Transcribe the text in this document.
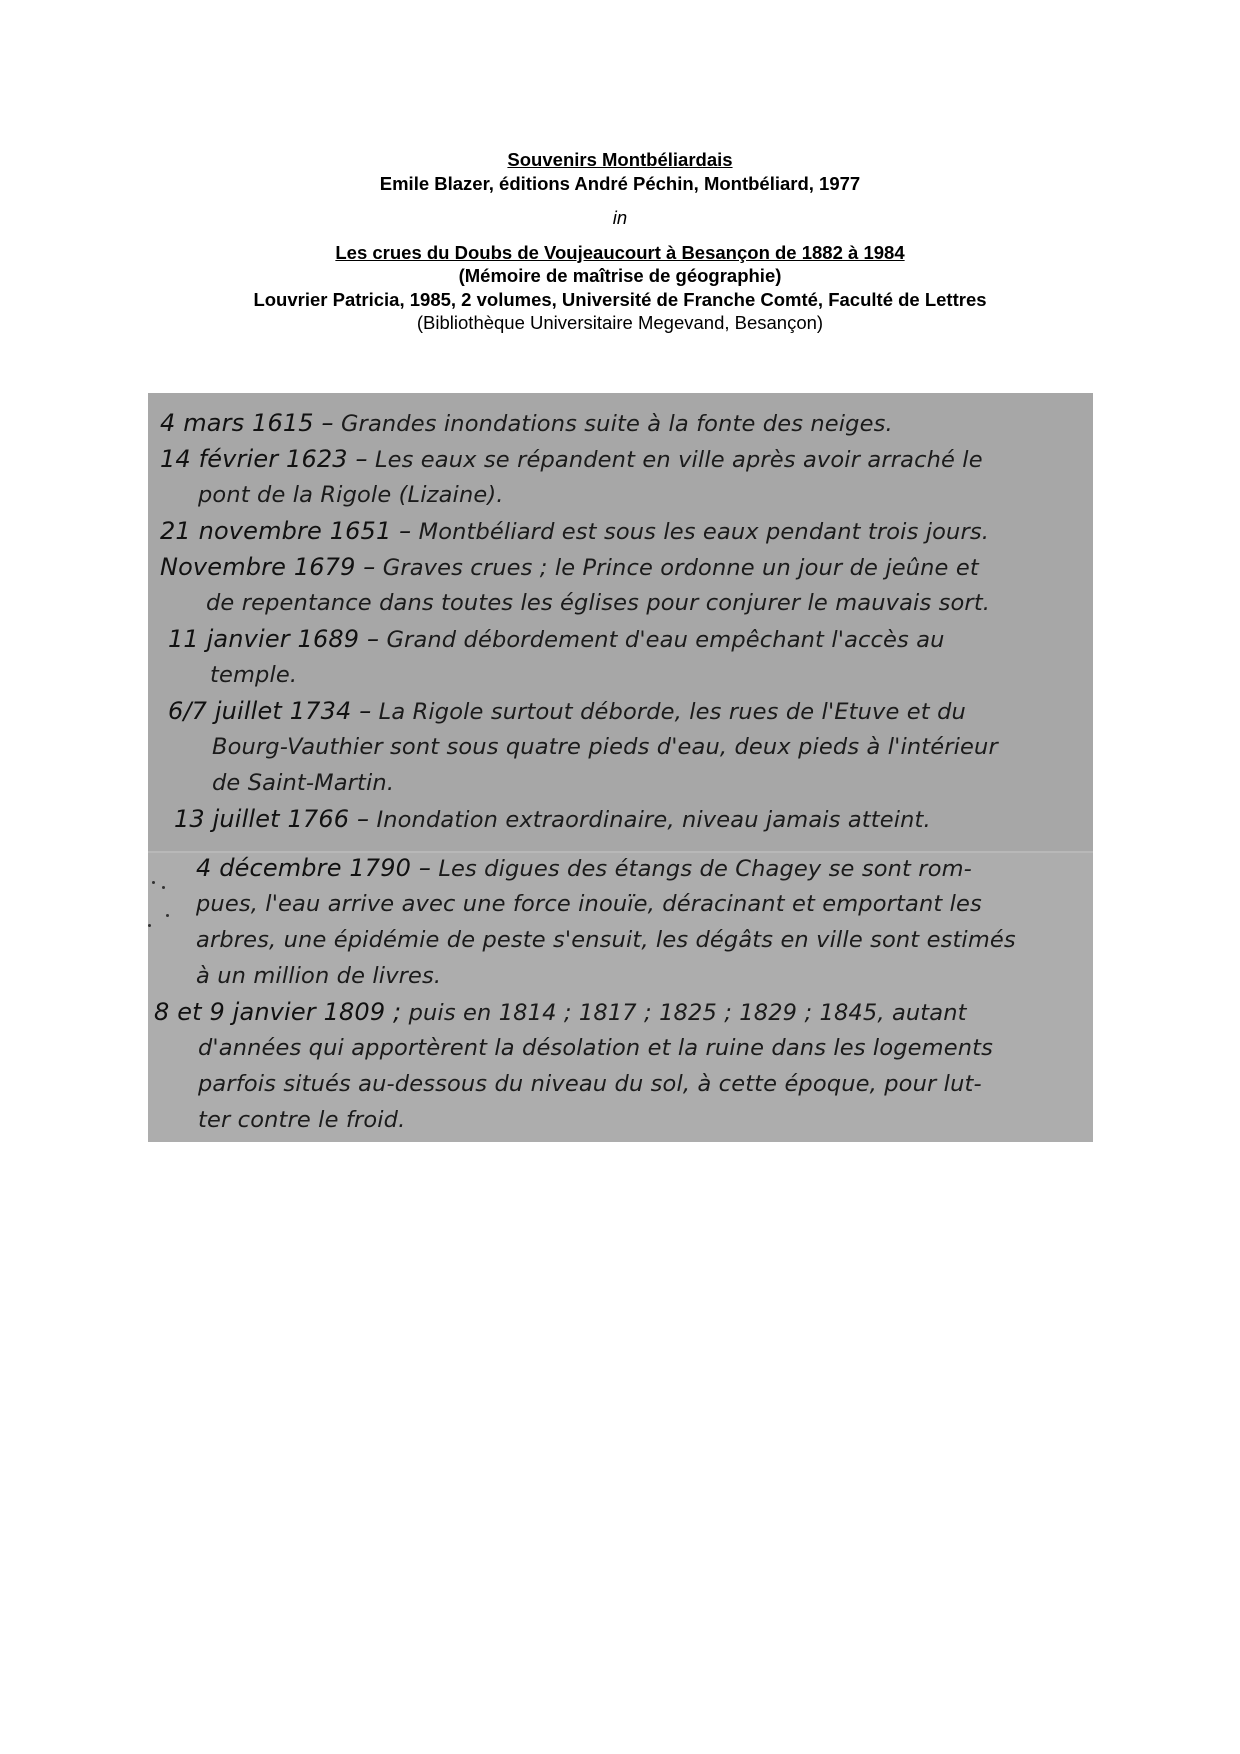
Souvenirs Montbéliardais
Emile Blazer, éditions André Péchin, Montbéliard, 1977
in
Les crues du Doubs de Voujeaucourt à Besançon de 1882 à 1984
(Mémoire de maîtrise de géographie)
Louvrier Patricia, 1985, 2 volumes, Université de Franche Comté, Faculté de Lettres
(Bibliothèque Universitaire Megevand, Besançon)
4 mars 1615 – Grandes inondations suite à la fonte des neiges.
14 février 1623 – Les eaux se répandent en ville après avoir arraché le
pont de la Rigole (Lizaine).
21 novembre 1651 – Montbéliard est sous les eaux pendant trois jours.
Novembre 1679 – Graves crues ; le Prince ordonne un jour de jeûne et
de repentance dans toutes les églises pour conjurer le mauvais sort.
11 janvier 1689 – Grand débordement d'eau empêchant l'accès au
temple.
6/7 juillet 1734 – La Rigole surtout déborde, les rues de l'Etuve et du
Bourg-Vauthier sont sous quatre pieds d'eau, deux pieds à l'intérieur
de Saint-Martin.
13 juillet 1766 – Inondation extraordinaire, niveau jamais atteint.
4 décembre 1790 – Les digues des étangs de Chagey se sont rom-
pues, l'eau arrive avec une force inouïe, déracinant et emportant les
arbres, une épidémie de peste s'ensuit, les dégâts en ville sont estimés
à un million de livres.
8 et 9 janvier 1809 ; puis en 1814 ; 1817 ; 1825 ; 1829 ; 1845, autant
d'années qui apportèrent la désolation et la ruine dans les logements
parfois situés au-dessous du niveau du sol, à cette époque, pour lut-
ter contre le froid.
